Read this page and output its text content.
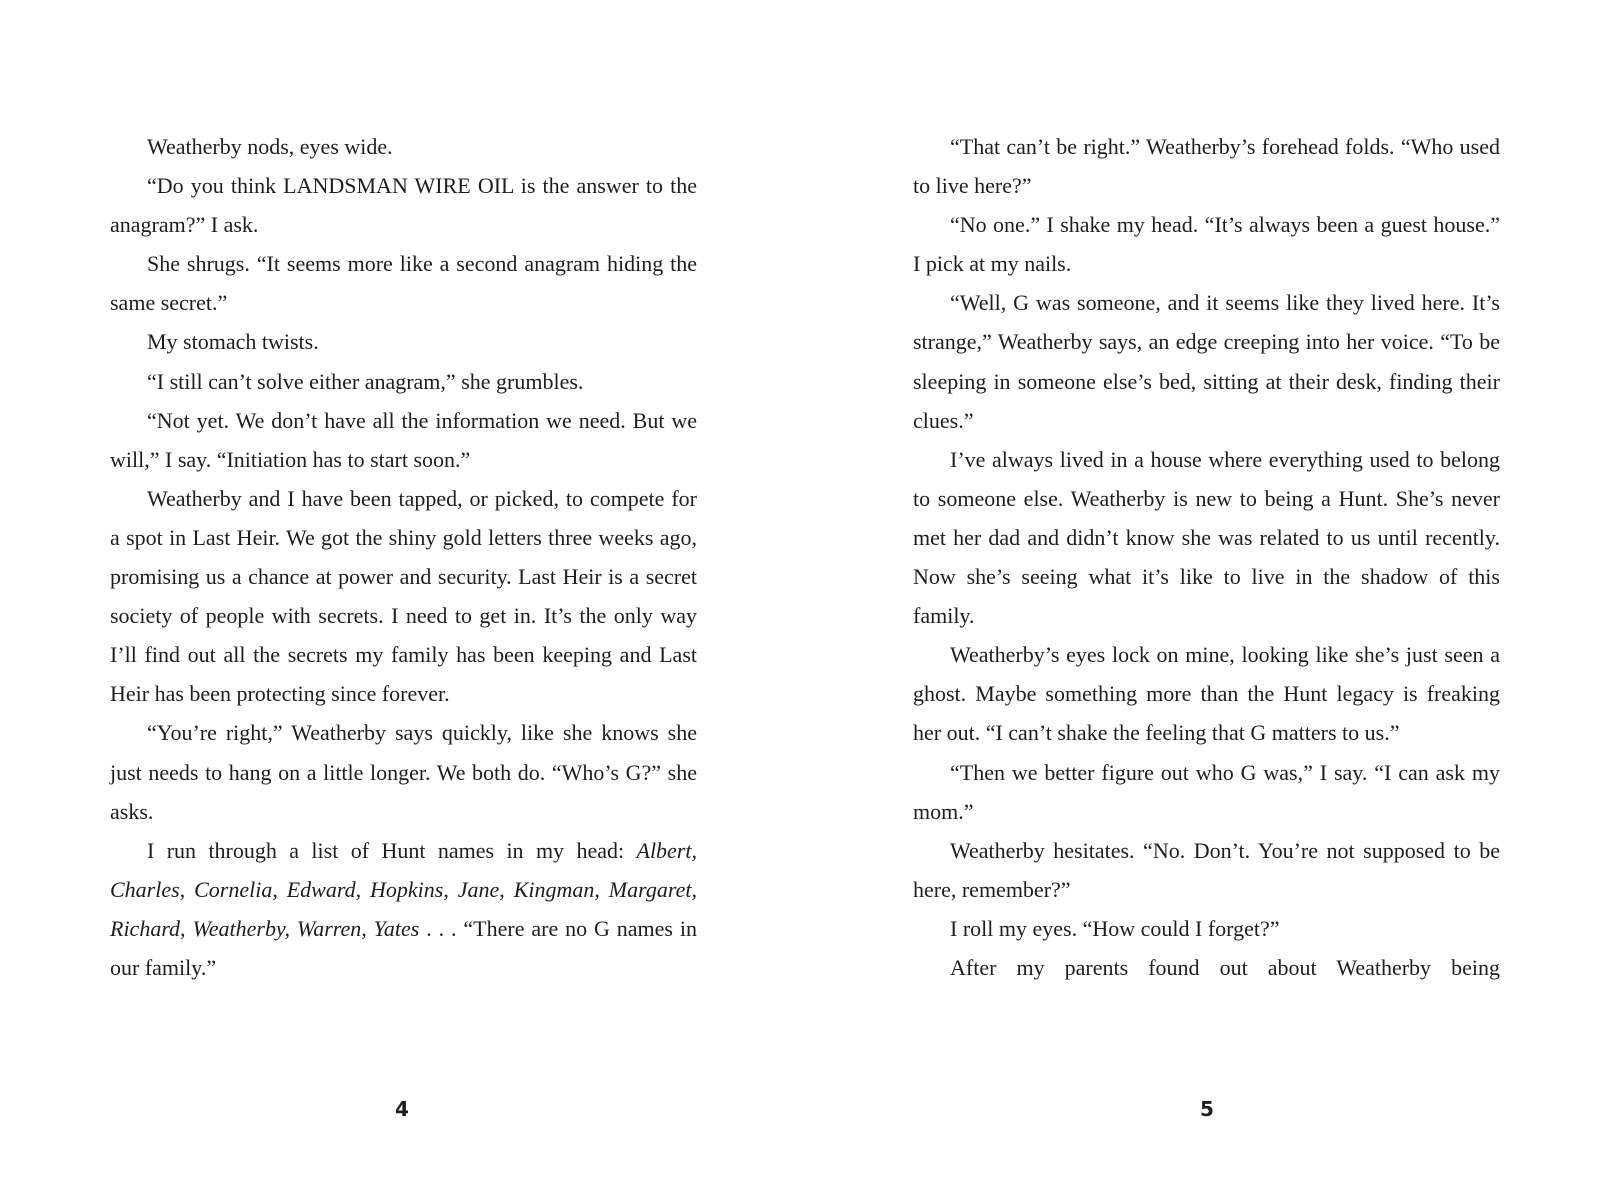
Weatherby nods, eyes wide.

“Do you think LANDSMAN WIRE OIL is the answer to the anagram?” I ask.

She shrugs. “It seems more like a second anagram hiding the same secret.”

My stomach twists.

“I still can’t solve either anagram,” she grumbles.

“Not yet. We don’t have all the information we need. But we will,” I say. “Initiation has to start soon.”

Weatherby and I have been tapped, or picked, to compete for a spot in Last Heir. We got the shiny gold letters three weeks ago, promising us a chance at power and security. Last Heir is a secret society of people with secrets. I need to get in. It’s the only way I’ll find out all the secrets my family has been keeping and Last Heir has been protecting since forever.

“You’re right,” Weatherby says quickly, like she knows she just needs to hang on a little longer. We both do. “Who’s G?” she asks.

I run through a list of Hunt names in my head: Albert, Charles, Cornelia, Edward, Hopkins, Jane, Kingman, Margaret, Richard, Weatherby, Warren, Yates . . . “There are no G names in our family.”

“That can’t be right.” Weatherby’s forehead folds. “Who used to live here?”

“No one.” I shake my head. “It’s always been a guest house.” I pick at my nails.

“Well, G was someone, and it seems like they lived here. It’s strange,” Weatherby says, an edge creeping into her voice. “To be sleeping in someone else’s bed, sitting at their desk, finding their clues.”

I’ve always lived in a house where everything used to belong to someone else. Weatherby is new to being a Hunt. She’s never met her dad and didn’t know she was related to us until recently. Now she’s seeing what it’s like to live in the shadow of this family.

Weatherby’s eyes lock on mine, looking like she’s just seen a ghost. Maybe something more than the Hunt legacy is freaking her out. “I can’t shake the feeling that G matters to us.”

“Then we better figure out who G was,” I say. “I can ask my mom.”

Weatherby hesitates. “No. Don’t. You’re not supposed to be here, remember?”

I roll my eyes. “How could I forget?”

After my parents found out about Weatherby being

4	5
